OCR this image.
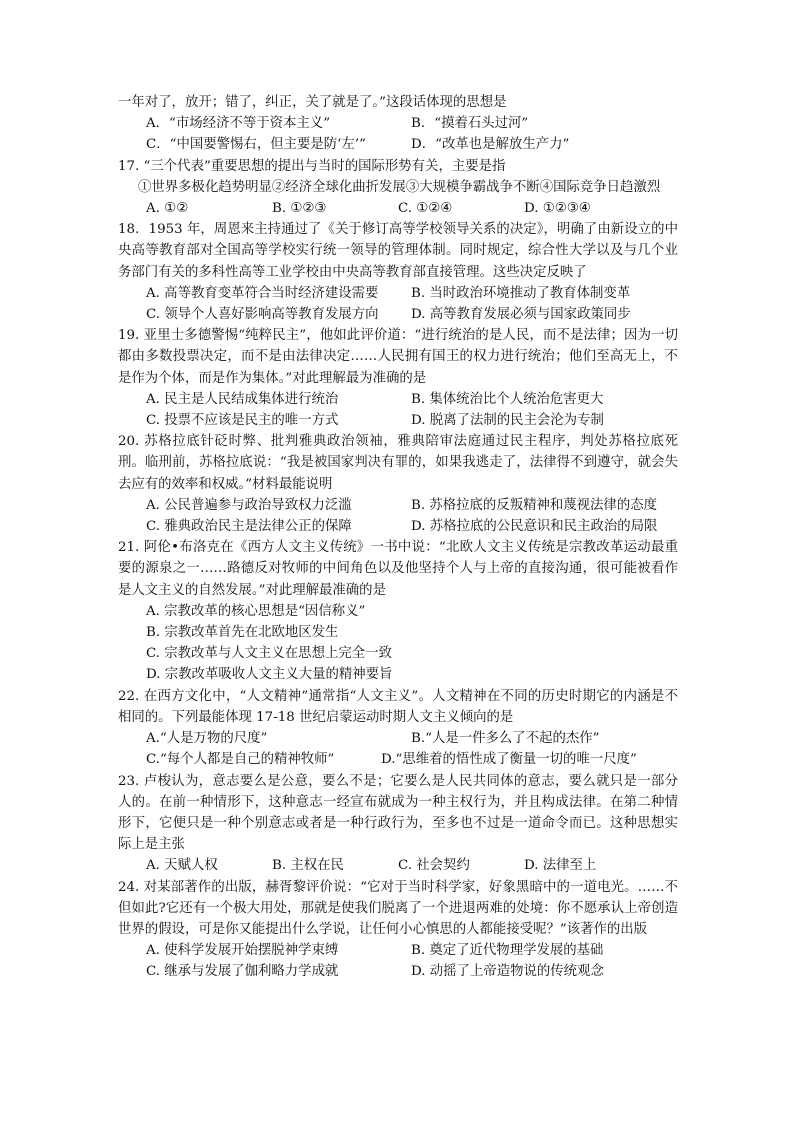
一年对了，放开；错了，纠正，关了就是了。”这段话体现的思想是
A．“市场经济不等于资本主义”	B．“摸着石头过河”
C．“中国要警惕右，但主要是防‘左’”	D．“改革也是解放生产力”
17. “三个代表”重要思想的提出与当时的国际形势有关，主要是指
①世界多极化趋势明显②经济全球化曲折发展③大规模争霸战争不断④国际竞争日趋激烈
A. ①②	B. ①②③	C. ①②④	D. ①②③④
18．1953 年，周恩来主持通过了《关于修订高等学校领导关系的决定》，明确了由新设立的中央高等教育部对全国高等学校实行统一领导的管理体制。同时规定，综合性大学以及与几个业务部门有关的多科性高等工业学校由中央高等教育部直接管理。这些决定反映了
A. 高等教育变革符合当时经济建设需要	B. 当时政治环境推动了教育体制变革
C. 领导个人喜好影响高等教育发展方向	D. 高等教育发展必须与国家政策同步
19. 亚里士多德警惕“纯粹民主”，他如此评价道：“进行统治的是人民，而不是法律；因为一切都由多数投票决定，而不是由法律决定……人民拥有国王的权力进行统治；他们至高无上，不是作为个体，而是作为集体。”对此理解最为准确的是
A. 民主是人民结成集体进行统治	B. 集体统治比个人统治危害更大
C. 投票不应该是民主的唯一方式	D. 脱离了法制的民主会沦为专制
20. 苏格拉底针砭时弊、批判雅典政治领袖，雅典陪审法庭通过民主程序，判处苏格拉底死刑。临刑前，苏格拉底说：“我是被国家判决有罪的，如果我逃走了，法律得不到遵守，就会失去应有的效率和权威。”材料最能说明
A. 公民普遍参与政治导致权力泛滥	B. 苏格拉底的反叛精神和蔑视法律的态度
C. 雅典政治民主是法律公正的保障	D. 苏格拉底的公民意识和民主政治的局限
21. 阿伦•布洛克在《西方人文主义传统》一书中说：“北欧人文主义传统是宗教改革运动最重要的源泉之一……路德反对牧师的中间角色以及他坚持个人与上帝的直接沟通，很可能被看作是人文主义的自然发展。”对此理解最准确的是
A. 宗教改革的核心思想是“因信称义”
B. 宗教改革首先在北欧地区发生
C. 宗教改革与人文主义在思想上完全一致
D. 宗教改革吸收人文主义大量的精神要旨
22. 在西方文化中，“人文精神”通常指“人文主义”。人文精神在不同的历史时期它的内涵是不相同的。下列最能体现 17-18 世纪启蒙运动时期人文主义倾向的是
A.“人是万物的尺度”	B.“人是一件多么了不起的杰作”
C.“每个人都是自己的精神牧师”	D.“思维着的悟性成了衡量一切的唯一尺度”
23. 卢梭认为，意志要么是公意，要么不是；它要么是人民共同体的意志，要么就只是一部分人的。在前一种情形下，这种意志一经宣布就成为一种主权行为，并且构成法律。在第二种情形下，它便只是一种个别意志或者是一种行政行为，至多也不过是一道命令而已。这种思想实际上是主张
A. 天赋人权	B. 主权在民	C. 社会契约	D. 法律至上
24. 对某部著作的出版，赫胥黎评价说：“它对于当时科学家，好象黑暗中的一道电光。……不但如此?它还有一个极大用处，那就是使我们脱离了一个进退两难的处境：你不愿承认上帝创造世界的假设，可是你又能提出什么学说，让任何小心慎思的人都能接受呢？”该著作的出版
A. 使科学发展开始摆脱神学束缚	B. 奠定了近代物理学发展的基础
C. 继承与发展了伽利略力学成就	D. 动摇了上帝造物说的传统观念
